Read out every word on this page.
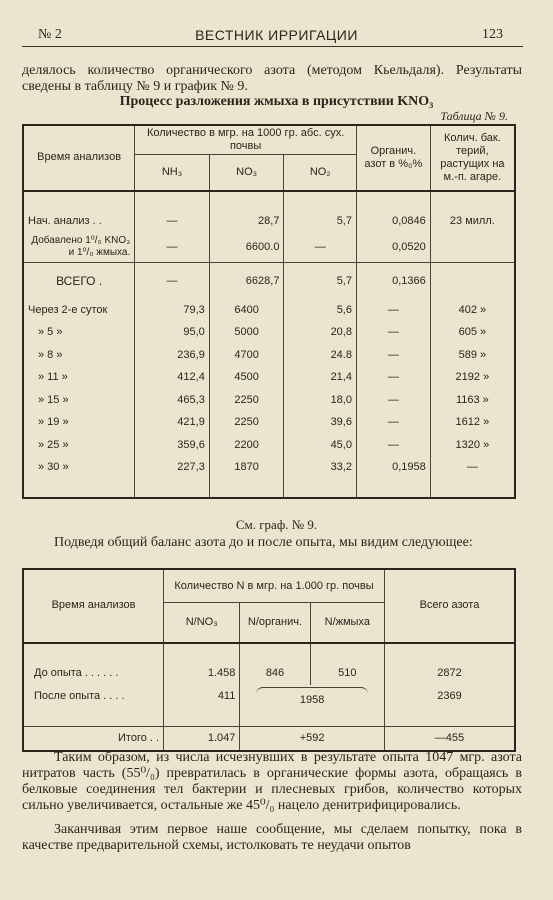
№ 2	ВЕСТНИК ИРРИГАЦИИ	123
делялось количество органического азота (методом Кьельдаля). Результаты сведены в таблицу № 9 и график № 9.
Процесс разложения жмыха в присутствии KNO₃
Таблица № 9.
Время анализов	Количество в мгр. на 1000 гр. абс. сух. почвы			Органич. азот в %₀%	Колич. бак. терий, растущих на м.-п. агаре.
	NH₃	NO₃	NO₂		

Нач. анализ . .	—	28,7	5,7	0,0846	23 милл.
Добавлено 1⁰/₀ KNO₃ и 1⁰/₀ жмыха.	—	6600.0	—	0,0520	
ВСЕГО .	—	6628,7	5,7	0,1366	
Через 2-е суток	79,3	6400	5,6	—	402 »
» 5 »	95,0	5000	20,8	—	605 »
» 8 »	236,9	4700	24.8	—	589 »
» 11 »	412,4	4500	21,4	—	2192 »
» 15 »	465,3	2250	18,0	—	1163 »
» 19 »	421,9	2250	39,6	—	1612 »
» 25 »	359,6	2200	45,0	—	1320 »
» 30 »	227,3	1870	33,2	0,1958	—

См. граф. № 9.
Подведя общий баланс азота до и после опыта, мы видим следующее:
Время анализов	Количество N в мгр. на 1.000 гр. почвы			Всего азота
	N/NO₃	N/органич.	N/жмыха	

До опыта . . . . . .	1.458	846	510	2872
После опыта . . . .	411	1958		2369

Итого . .	1.047	+592		—455
Таким образом, из числа исчезнувших в результате опыта 1047 мгр. азота нитратов часть (55⁰/₀) превратилась в органические формы азота, обращаясь в белковые соединения тел бактерии и плесневых грибов, количество которых сильно увеличивается, остальные же 45⁰/₀ нацело денитрифицировались.
Заканчивая этим первое наше сообщение, мы сделаем попытку, пока в качестве предварительной схемы, истолковать те неудачи опытов
